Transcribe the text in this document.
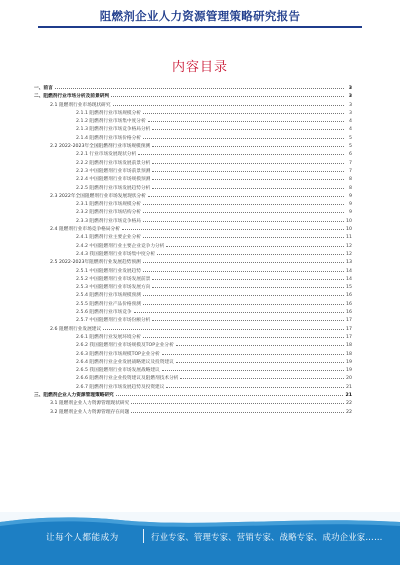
阻燃剂企业人力资源管理策略研究报告
内容目录
一、前言	3
二、阻燃剂行业市场分析及前景研判	3
2.1 阻燃剂行业市场现状研究	3
2.1.1 阻燃剂行业市场规模分析	3
2.1.2 阻燃剂行业市场集中度分析	4
2.1.3 阻燃剂行业市场竞争格局分析	4
2.1.4 阻燃剂行业市场价格分析	5
2.2 2022-2023年全国阻燃剂行业市场规模预测	5
2.2.1 行业市场发展现状分析	6
2.2.2 阻燃剂行业市场发展前景分析	7
2.2.3 中国阻燃剂行业市场前景预测	7
2.2.4 中国阻燃剂行业市场规模预测	8
2.2.5 阻燃剂行业市场发展趋势分析	8
2.3 2022年全国阻燃剂行业市场发展现状分析	9
2.3.1 阻燃剂行业市场规模分析	9
2.3.2 阻燃剂行业市场结构分析	9
2.3.3 阻燃剂行业市场竞争格局	10
2.4 阻燃剂行业市场竞争格局分析	10
2.4.1 阻燃剂行业主要企业分析	11
2.4.2 中国阻燃剂行业主要企业竞争力分析	12
2.4.3 我国阻燃剂行业市场集中度分析	12
2.5 2022-2023年阻燃剂行业发展趋势预测	13
2.5.1 中国阻燃剂行业发展趋势	14
2.5.2 中国阻燃剂行业市场发展前景	14
2.5.3 中国阻燃剂行业市场发展方向	15
2.5.4 阻燃剂行业市场规模预测	16
2.5.5 阻燃剂行业产品价格预测	16
2.5.6 阻燃剂行业市场竞争	16
2.5.7 中国阻燃剂行业市场份额分析	17
2.6 阻燃剂行业发展建议	17
2.6.1 阻燃剂行业发展环境分析	17
2.6.2 我国阻燃剂行业市场规模及TOP企业分析	18
2.6.3 阻燃剂行业市场规模TOP企业分析	18
2.6.4 阻燃剂行业企业发展战略建议及投资建议	19
2.6.5 我国阻燃剂行业市场发展战略建议	19
2.6.6 阻燃剂行业企业投资建议及阻燃剂技术分析	20
2.6.7 阻燃剂行业市场发展趋势及投资建议	21
三、阻燃剂企业人力资源管理策略研究	21
3.1 阻燃剂企业人力资源管理现状研究	22
3.2 阻燃剂企业人力资源管理存在问题	22
让每个人都能成为	行业专家、管理专家、营销专家、战略专家、成功企业家……
